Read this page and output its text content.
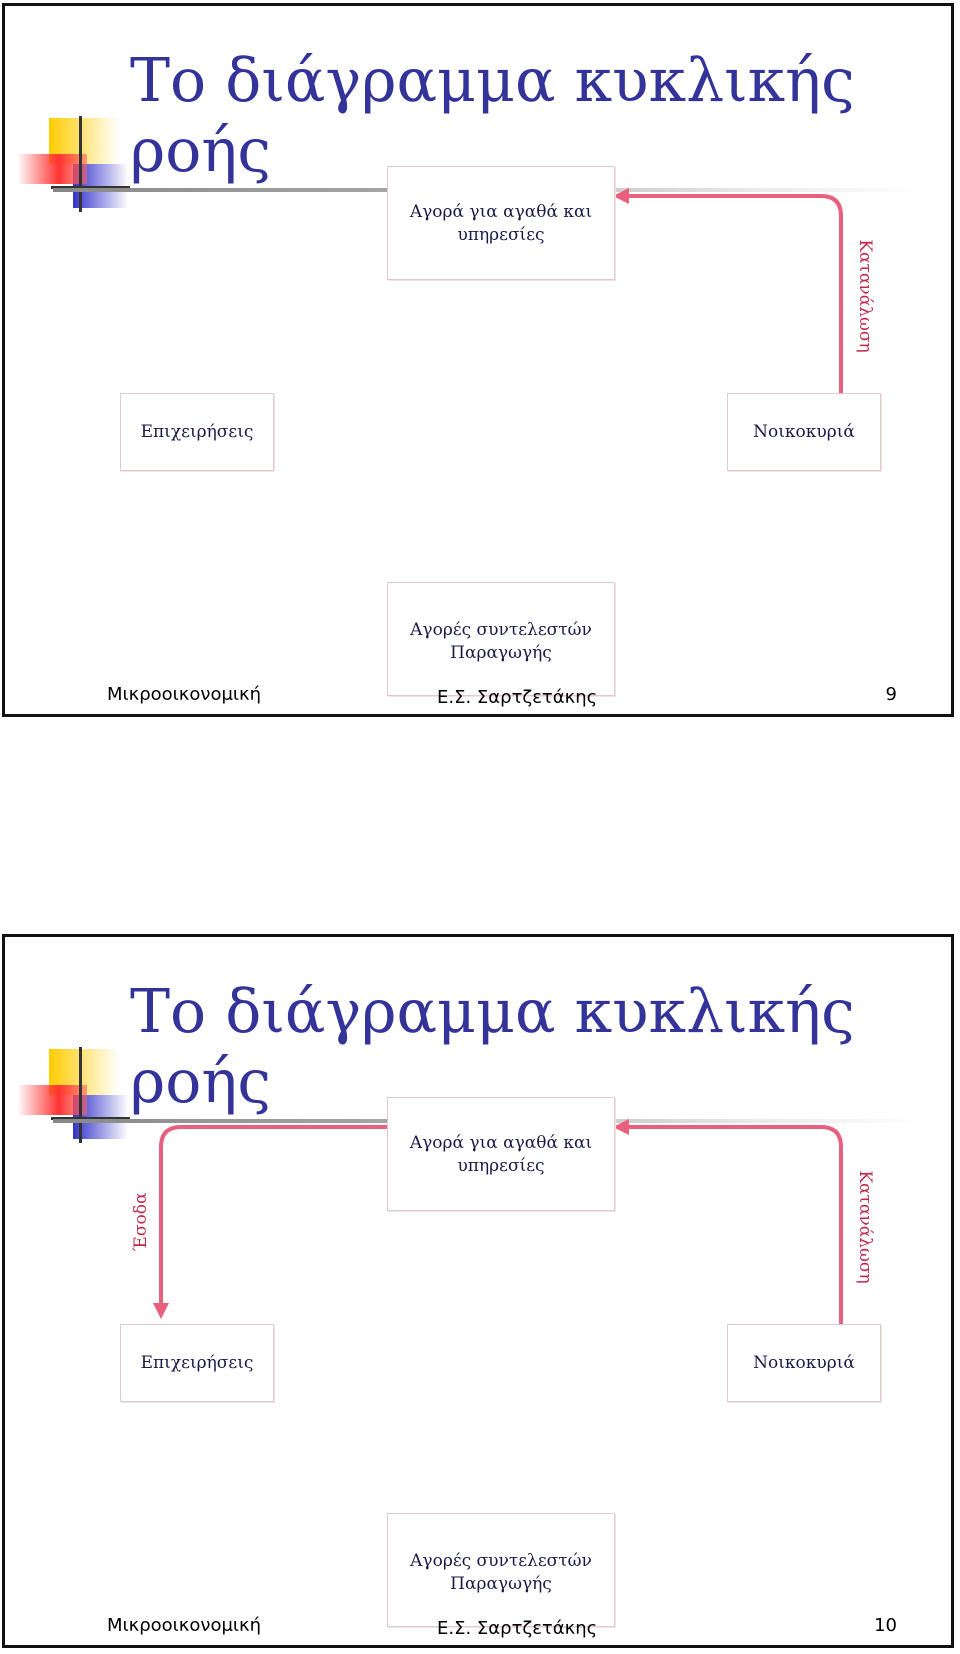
Το διάγραμμα κυκλικής ροής
Αγορά για αγαθά και υπηρεσίες
Επιχειρήσεις	Νοικοκυριά
Αγορές συντελεστών Παραγωγής
Κατανάλωση
Μικροοικονομική	Ε.Σ. Σαρτζετάκης	9
Το διάγραμμα κυκλικής ροής
Αγορά για αγαθά και υπηρεσίες
Επιχειρήσεις	Νοικοκυριά
Αγορές συντελεστών Παραγωγής
Κατανάλωση
Έσοδα
Μικροοικονομική	Ε.Σ. Σαρτζετάκης	10
